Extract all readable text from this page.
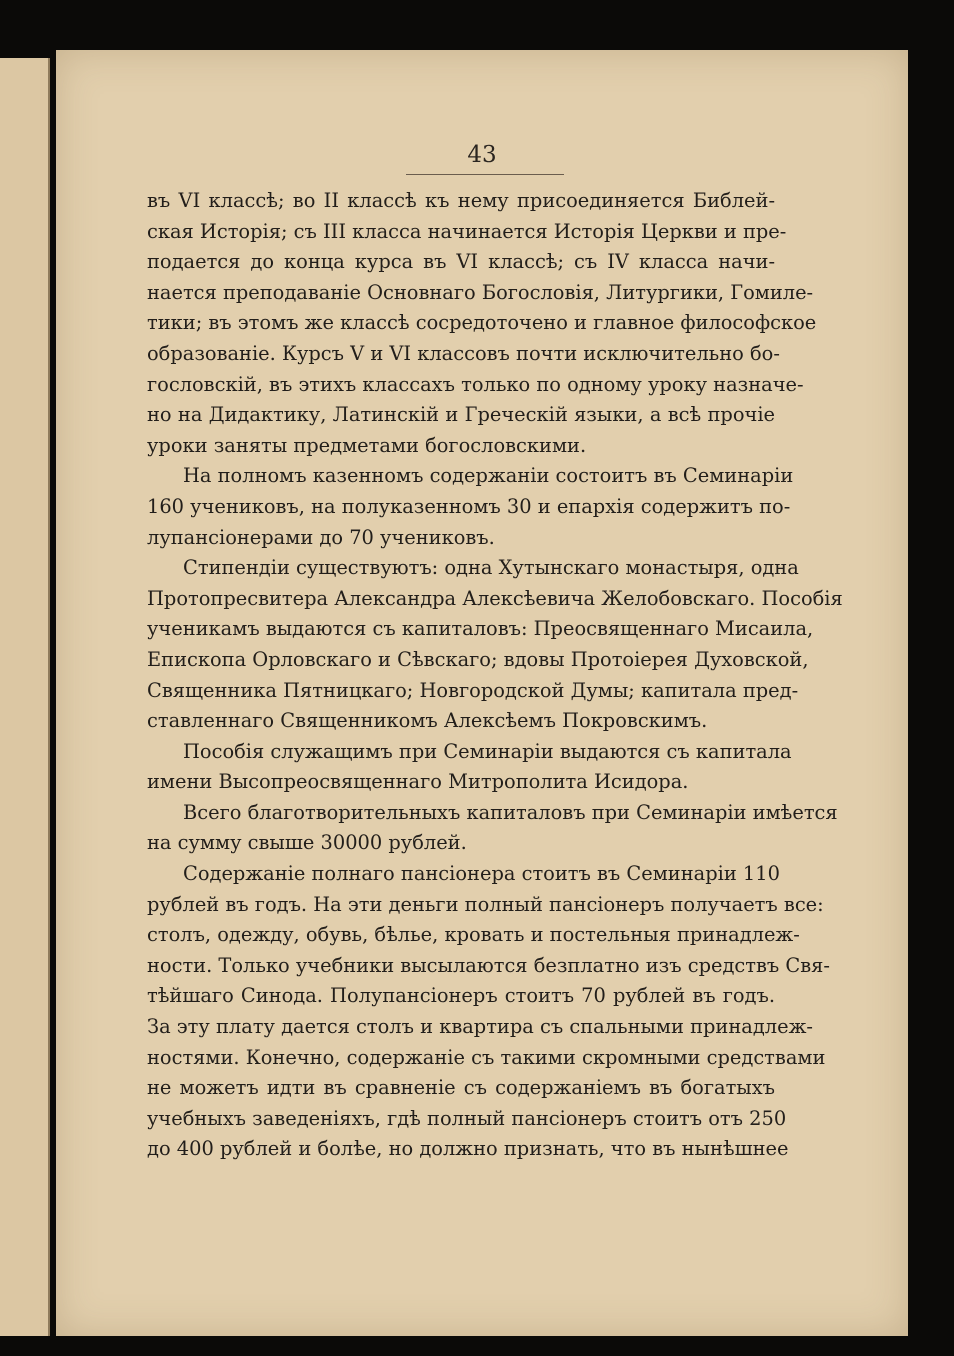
43
въ VI классѣ; во II классѣ къ нему присоединяется Библей-
ская Исторія; съ III класса начинается Исторія Церкви и пре-
подается до конца курса въ VI классѣ; съ IV класса начи-
нается преподаваніе Основнаго Богословія, Литургики, Гомиле-
тики; въ этомъ же классѣ сосредоточено и главное философское
образованіе. Курсъ V и VI классовъ почти исключительно бо-
гословскій, въ этихъ классахъ только по одному уроку назначе-
но на Дидактику, Латинскій и Греческій языки, а всѣ прочіе
уроки заняты предметами богословскими.
На полномъ казенномъ содержаніи состоитъ въ Семинаріи
160 учениковъ, на полуказенномъ 30 и епархія содержитъ по-
лупансіонерами до 70 учениковъ.
Стипендіи существуютъ: одна Хутынскаго монастыря, одна
Протопресвитера Александра Алексѣевича Желобовскаго. Пособія
ученикамъ выдаются съ капиталовъ: Преосвященнаго Мисаила,
Епископа Орловскаго и Сѣвскаго; вдовы Протоіерея Духовской,
Священника Пятницкаго; Новгородской Думы; капитала пред-
ставленнаго Священникомъ Алексѣемъ Покровскимъ.
Пособія служащимъ при Семинаріи выдаются съ капитала
имени Высопреосвященнаго Митрополита Исидора.
Всего благотворительныхъ капиталовъ при Семинаріи имѣется
на сумму свыше 30000 рублей.
Содержаніе полнаго пансіонера стоитъ въ Семинаріи 110
рублей въ годъ. На эти деньги полный пансіонеръ получаетъ все:
столъ, одежду, обувь, бѣлье, кровать и постельныя принадлеж-
ности. Только учебники высылаются безплатно изъ средствъ Свя-
тѣйшаго Синода. Полупансіонеръ стоитъ 70 рублей въ годъ.
За эту плату дается столъ и квартира съ спальными принадлеж-
ностями. Конечно, содержаніе съ такими скромными средствами
не можетъ идти въ сравненіе съ содержаніемъ въ богатыхъ
учебныхъ заведеніяхъ, гдѣ полный пансіонеръ стоитъ отъ 250
до 400 рублей и болѣе, но должно признать, что въ нынѣшнее
